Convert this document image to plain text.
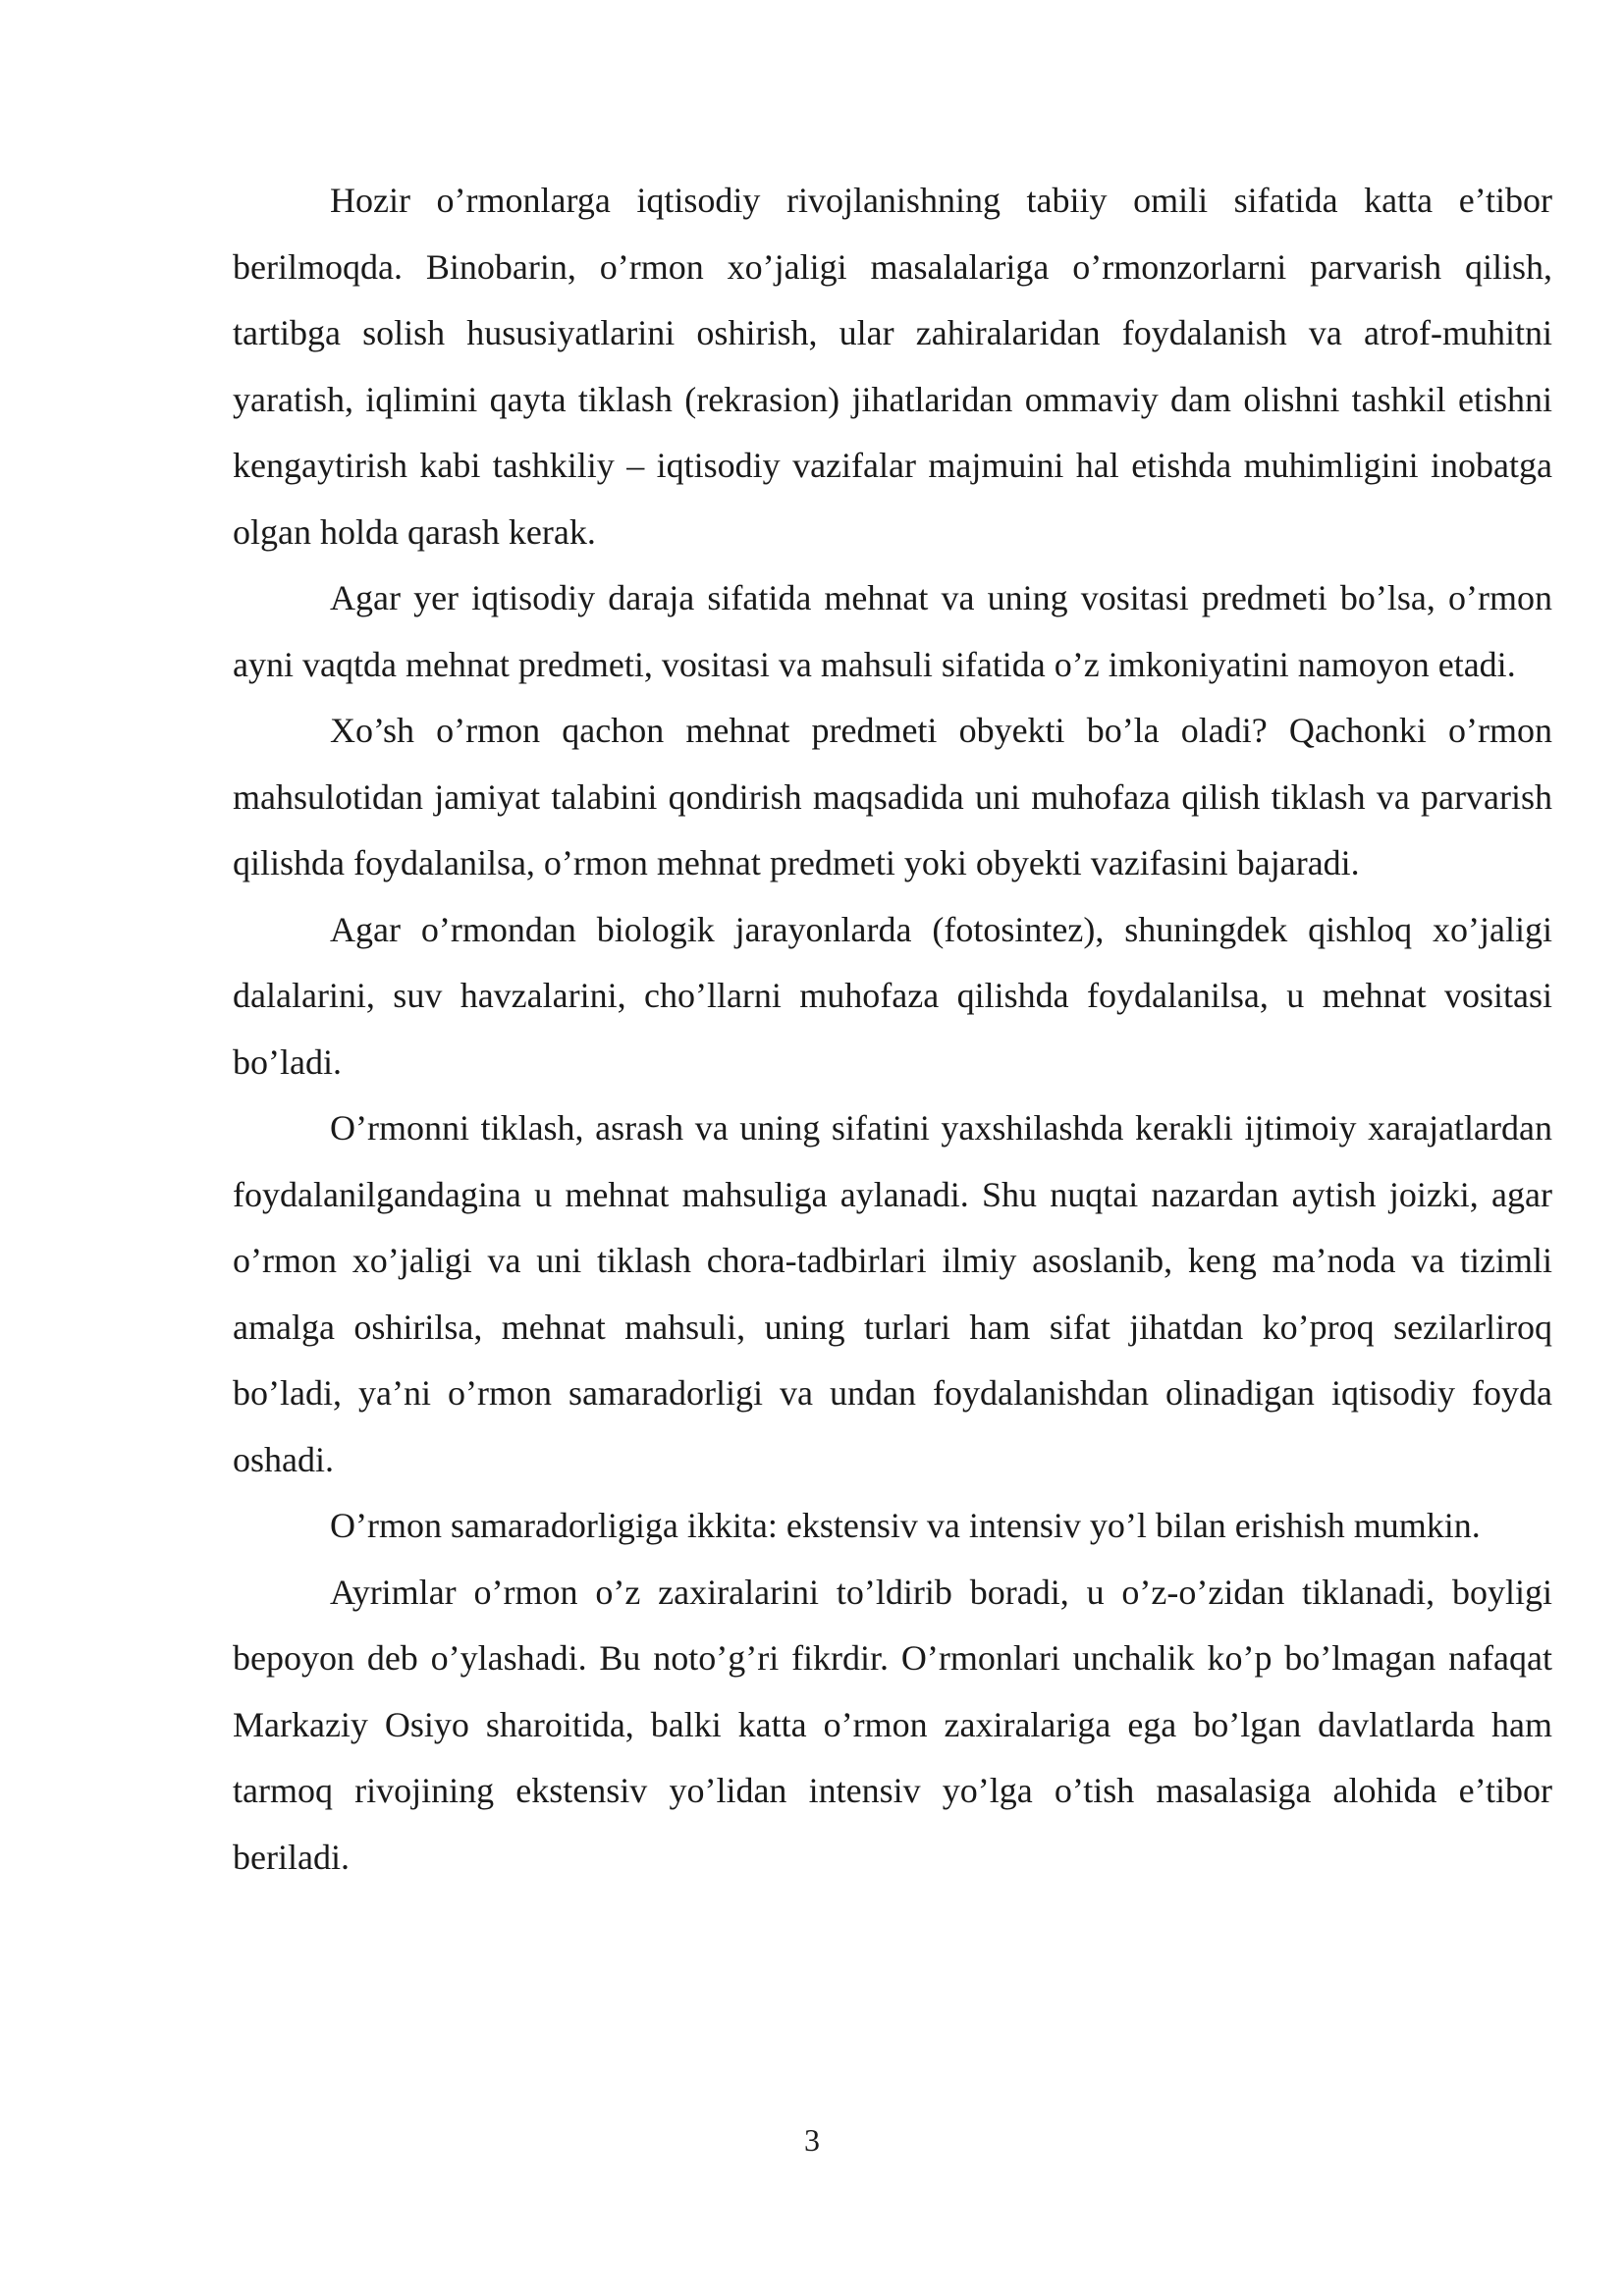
Hozir o’rmonlarga iqtisodiy rivojlanishning tabiiy omili sifatida katta e’tibor berilmoqda. Binobarin, o’rmon xo’jaligi masalalariga o’rmonzorlarni parvarish qilish, tartibga solish hususiyatlarini oshirish, ular zahiralaridan foydalanish va atrof-muhitni yaratish, iqlimini qayta tiklash (rekrasion) jihatlaridan ommaviy dam olishni tashkil etishni kengaytirish kabi tashkiliy – iqtisodiy vazifalar majmuini hal etishda muhimligini inobatga olgan holda qarash kerak.

Agar yer iqtisodiy daraja sifatida mehnat va uning vositasi predmeti bo’lsa, o’rmon ayni vaqtda mehnat predmeti, vositasi va mahsuli sifatida o’z imkoniyatini namoyon etadi.

Xo’sh o’rmon qachon mehnat predmeti obyekti bo’la oladi? Qachonki o’rmon mahsulotidan jamiyat talabini qondirish maqsadida uni muhofaza qilish tiklash va parvarish qilishda foydalanilsa, o’rmon mehnat predmeti yoki obyekti vazifasini bajaradi.

Agar o’rmondan biologik jarayonlarda (fotosintez), shuningdek qishloq xo’jaligi dalalarini, suv havzalarini, cho’llarni muhofaza qilishda foydalanilsa, u mehnat vositasi bo’ladi.

O’rmonni tiklash, asrash va uning sifatini yaxshilashda kerakli ijtimoiy xarajatlardan foydalanilgandagina u mehnat mahsuliga aylanadi. Shu nuqtai nazardan aytish joizki, agar o’rmon xo’jaligi va uni tiklash chora-tadbirlari ilmiy asoslanib, keng ma’noda va tizimli amalga oshirilsa, mehnat mahsuli, uning turlari ham sifat jihatdan ko’proq sezilarliroq bo’ladi, ya’ni o’rmon samaradorligi va undan foydalanishdan olinadigan iqtisodiy foyda oshadi.

O’rmon samaradorligiga ikkita: ekstensiv va intensiv yo’l bilan erishish mumkin.

Ayrimlar o’rmon o’z zaxiralarini to’ldirib boradi, u o’z-o’zidan tiklanadi, boyligi bepoyon deb o’ylashadi. Bu noto’g’ri fikrdir. O’rmonlari unchalik ko’p bo’lmagan nafaqat Markaziy Osiyo sharoitida, balki katta o’rmon zaxiralariga ega bo’lgan davlatlarda ham tarmoq rivojining ekstensiv yo’lidan intensiv yo’lga o’tish masalasiga alohida e’tibor beriladi.

3
